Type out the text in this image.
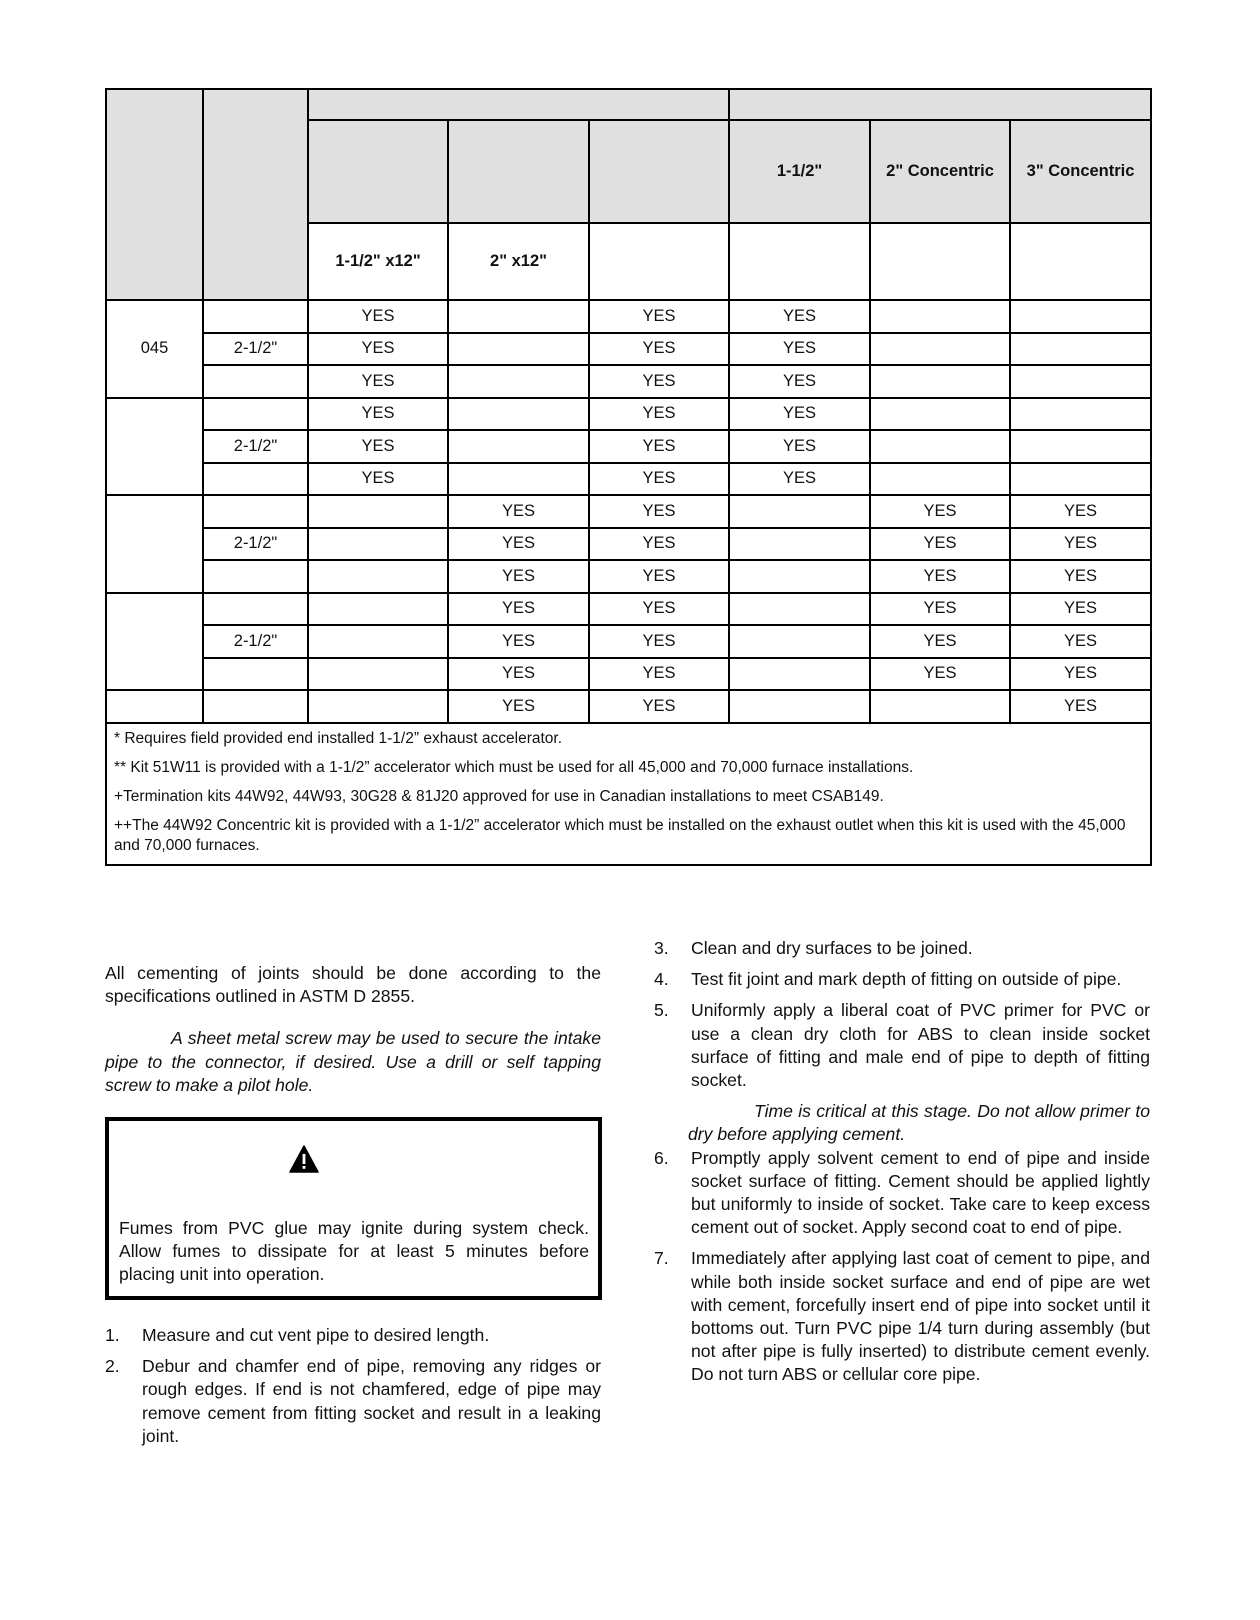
					1-1/2"	2" Concentric	3" Concentric
		1-1/2" x12"	2" x12"				
045		YES		YES	YES		
	2-1/2"	YES		YES	YES		
		YES		YES	YES		
		YES		YES	YES		
	2-1/2"	YES		YES	YES		
		YES		YES	YES		
			YES	YES		YES	YES
	2-1/2"		YES	YES		YES	YES
			YES	YES		YES	YES
			YES	YES		YES	YES
	2-1/2"		YES	YES		YES	YES
			YES	YES		YES	YES
			YES	YES			YES

* Requires field provided end installed 1-1/2” exhaust accelerator.

** Kit 51W11 is provided with a 1-1/2” accelerator which must be used for all 45,000 and 70,000 furnace installations.

+Termination kits 44W92, 44W93, 30G28 & 81J20 approved for use in Canadian installations to meet CSAB149.

++The 44W92 Concentric kit is provided with a 1-1/2” accelerator which must be installed on the exhaust outlet when this kit is used with the 45,000 and 70,000 furnaces.							

All cementing of joints should be done according to the specifications outlined in ASTM D 2855.

A sheet metal screw may be used to secure the intake pipe to the connector, if desired. Use a drill or self tapping screw to make a pilot hole.

Fumes from PVC glue may ignite during system check. Allow fumes to dissipate for at least 5 minutes before placing unit into operation.
1. Measure and cut vent pipe to desired length.
2. Debur and chamfer end of pipe, removing any ridges or rough edges. If end is not chamfered, edge of pipe may remove cement from fitting socket and result in a leaking joint.
3. Clean and dry surfaces to be joined.
4. Test fit joint and mark depth of fitting on outside of pipe.
5. Uniformly apply a liberal coat of PVC primer for PVC or use a clean dry cloth for ABS to clean inside socket surface of fitting and male end of pipe to depth of fitting socket.

Time is critical at this stage. Do not allow primer to dry before applying cement.

6. Promptly apply solvent cement to end of pipe and inside socket surface of fitting. Cement should be applied lightly but uniformly to inside of socket. Take care to keep excess cement out of socket. Apply second coat to end of pipe.
7. Immediately after applying last coat of cement to pipe, and while both inside socket surface and end of pipe are wet with cement, forcefully insert end of pipe into socket until it bottoms out. Turn PVC pipe 1/4 turn during assembly (but not after pipe is fully inserted) to distribute cement evenly. Do not turn ABS or cellular core pipe.
